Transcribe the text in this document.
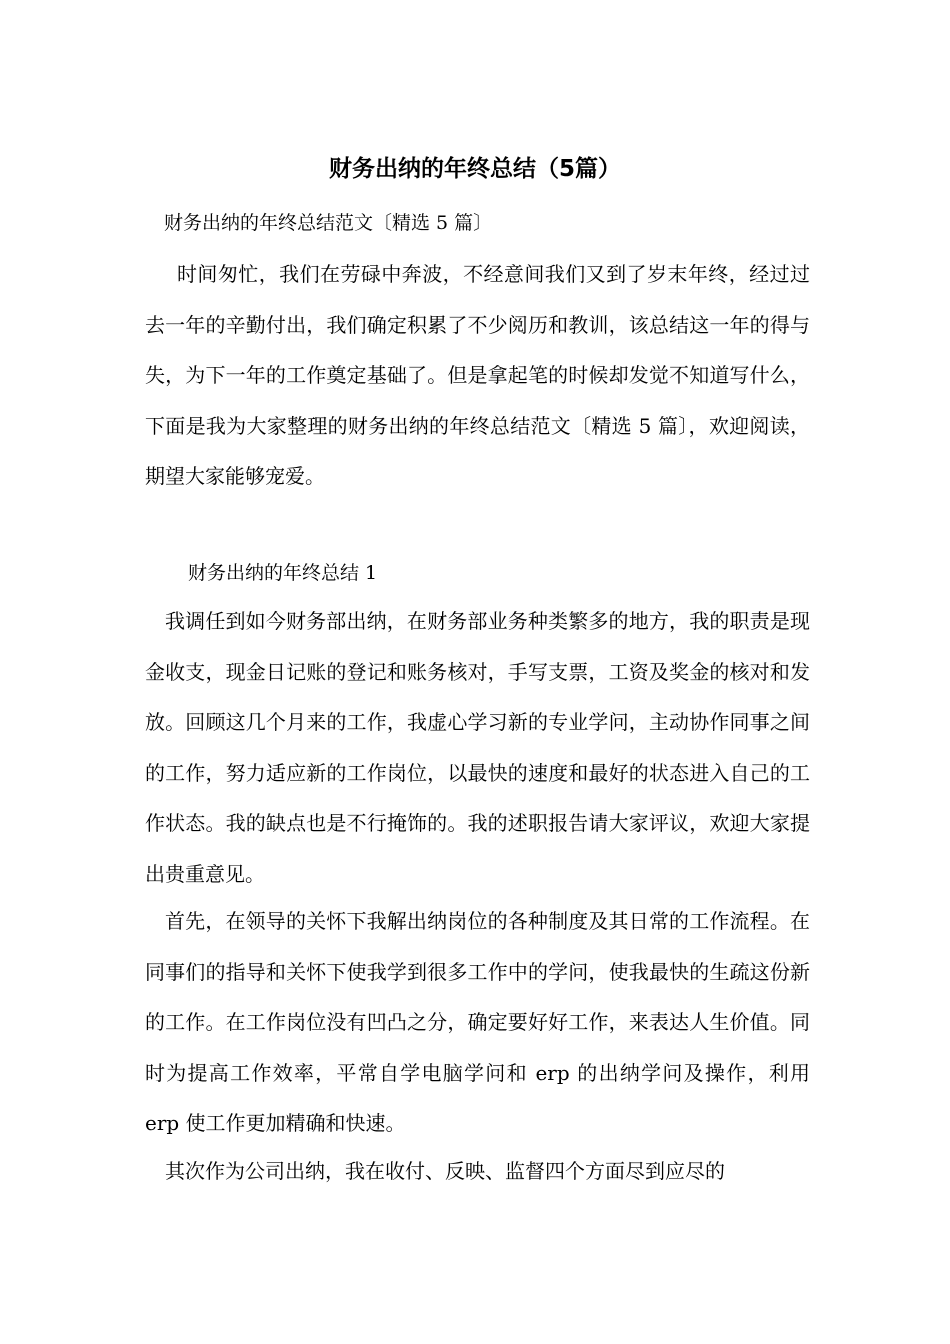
财务出纳的年终总结（5篇）

财务出纳的年终总结范文〔精选 5 篇〕

时间匆忙，我们在劳碌中奔波，不经意间我们又到了岁末年终，经过过去一年的辛勤付出，我们确定积累了不少阅历和教训，该总结这一年的得与失，为下一年的工作奠定基础了。但是拿起笔的时候却发觉不知道写什么，下面是我为大家整理的财务出纳的年终总结范文〔精选 5 篇〕，欢迎阅读，期望大家能够宠爱。

财务出纳的年终总结 1

我调任到如今财务部出纳，在财务部业务种类繁多的地方，我的职责是现金收支，现金日记账的登记和账务核对，手写支票，工资及奖金的核对和发放。回顾这几个月来的工作，我虚心学习新的专业学问，主动协作同事之间的工作，努力适应新的工作岗位，以最快的速度和最好的状态进入自己的工作状态。我的缺点也是不行掩饰的。我的述职报告请大家评议，欢迎大家提出贵重意见。

首先，在领导的关怀下我解出纳岗位的各种制度及其日常的工作流程。在同事们的指导和关怀下使我学到很多工作中的学问，使我最快的生疏这份新的工作。在工作岗位没有凹凸之分，确定要好好工作，来表达人生价值。同时为提高工作效率，平常自学电脑学问和 erp 的出纳学问及操作，利用 erp 使工作更加精确和快速。

其次作为公司出纳，我在收付、反映、监督四个方面尽到应尽的
